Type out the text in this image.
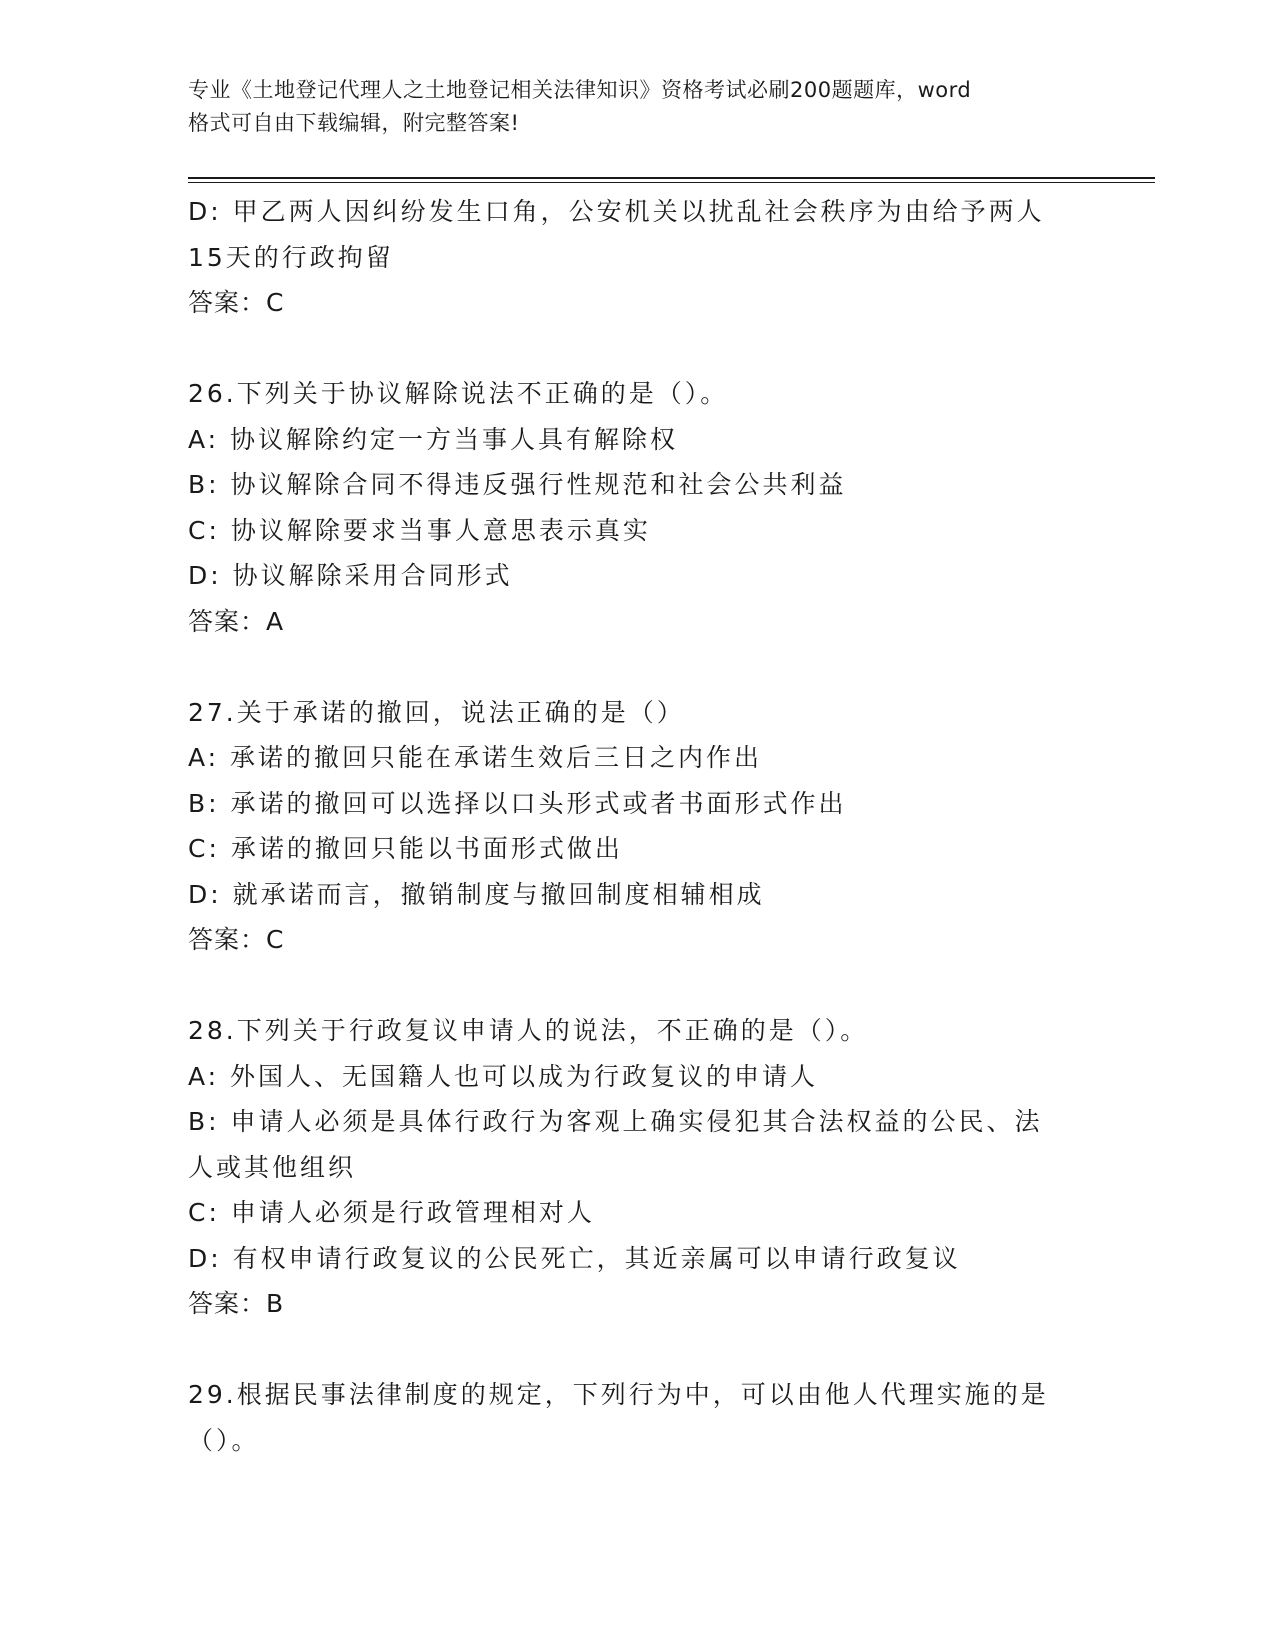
专业《土地登记代理人之土地登记相关法律知识》资格考试必刷200题题库，word
格式可自由下载编辑，附完整答案!
D: 甲乙两人因纠纷发生口角，公安机关以扰乱社会秩序为由给予两人
15天的行政拘留
答案：C
26.下列关于协议解除说法不正确的是（）。
A: 协议解除约定一方当事人具有解除权
B: 协议解除合同不得违反强行性规范和社会公共利益
C: 协议解除要求当事人意思表示真实
D: 协议解除采用合同形式
答案：A
27.关于承诺的撤回，说法正确的是（）
A: 承诺的撤回只能在承诺生效后三日之内作出
B: 承诺的撤回可以选择以口头形式或者书面形式作出
C: 承诺的撤回只能以书面形式做出
D: 就承诺而言，撤销制度与撤回制度相辅相成
答案：C
28.下列关于行政复议申请人的说法，不正确的是（）。
A: 外国人、无国籍人也可以成为行政复议的申请人
B: 申请人必须是具体行政行为客观上确实侵犯其合法权益的公民、法
人或其他组织
C: 申请人必须是行政管理相对人
D: 有权申请行政复议的公民死亡，其近亲属可以申请行政复议
答案：B
29.根据民事法律制度的规定，下列行为中，可以由他人代理实施的是
（）。
